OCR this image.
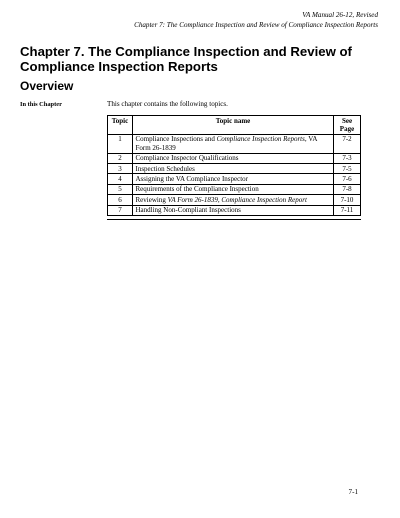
VA Manual 26-12, Revised
Chapter 7: The Compliance Inspection and Review of Compliance Inspection Reports
Chapter 7. The Compliance Inspection and Review of Compliance Inspection Reports
Overview
In this Chapter	This chapter contains the following topics.
Topic	Topic name	See Page
1	Compliance Inspections and Compliance Inspection Reports, VA Form 26-1839	7-2
2	Compliance Inspector Qualifications	7-3
3	Inspection Schedules	7-5
4	Assigning the VA Compliance Inspector	7-6
5	Requirements of the Compliance Inspection	7-8
6	Reviewing VA Form 26-1839, Compliance Inspection Report	7-10
7	Handling Non-Compliant Inspections	7-11
7-1
